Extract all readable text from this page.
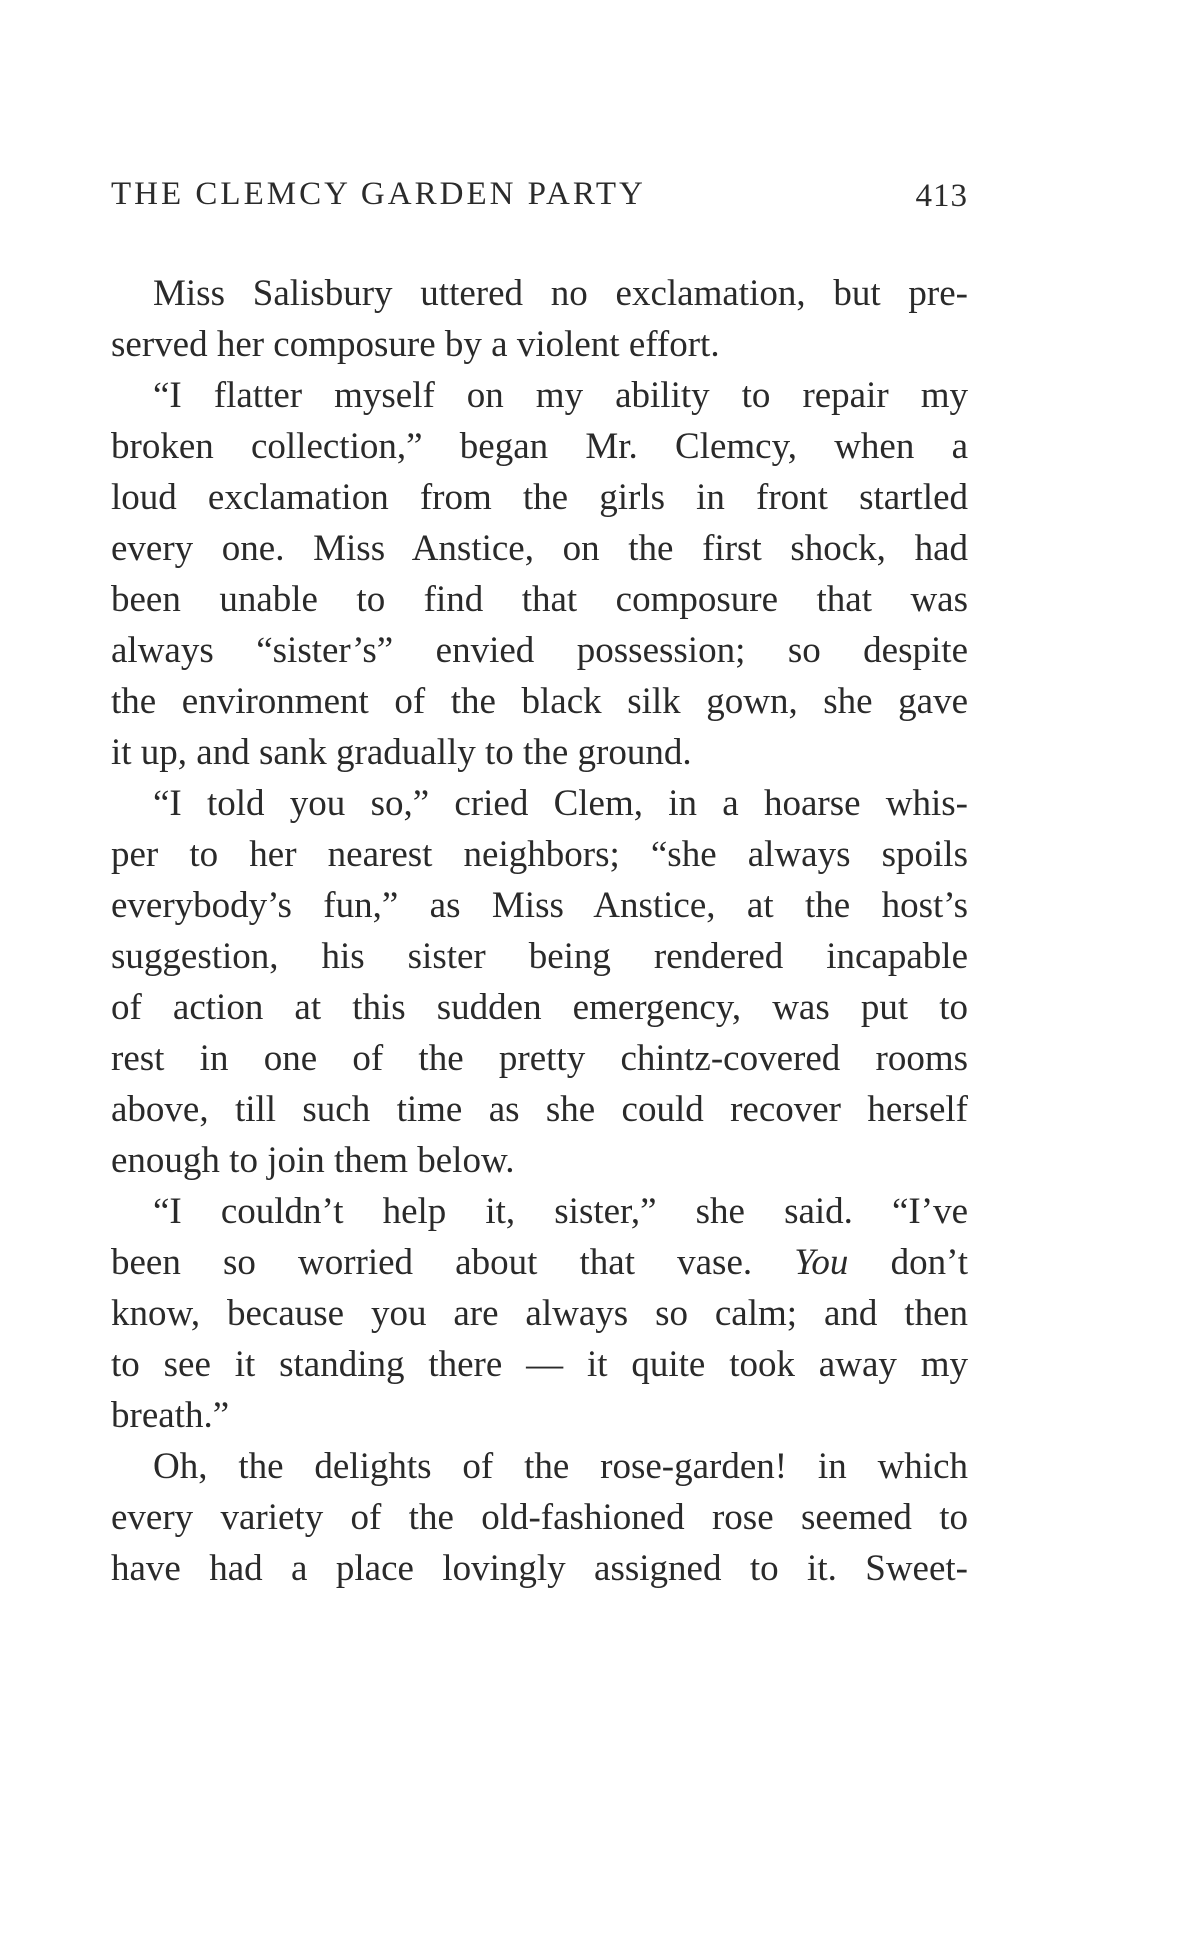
THE CLEMCY GARDEN PARTY	413
Miss Salisbury uttered no exclamation, but pre-
served her composure by a violent effort.
“I flatter myself on my ability to repair my
broken collection,” began Mr. Clemcy, when a
loud exclamation from the girls in front startled
every one. Miss Anstice, on the first shock, had
been unable to find that composure that was
always “sister’s” envied possession; so despite
the environment of the black silk gown, she gave
it up, and sank gradually to the ground.
“I told you so,” cried Clem, in a hoarse whis-
per to her nearest neighbors; “she always spoils
everybody’s fun,” as Miss Anstice, at the host’s
suggestion, his sister being rendered incapable
of action at this sudden emergency, was put to
rest in one of the pretty chintz-covered rooms
above, till such time as she could recover herself
enough to join them below.
“I couldn’t help it, sister,” she said. “I’ve
been so worried about that vase. You don’t
know, because you are always so calm; and then
to see it standing there — it quite took away my
breath.”
Oh, the delights of the rose-garden! in which
every variety of the old-fashioned rose seemed to
have had a place lovingly assigned to it. Sweet-
